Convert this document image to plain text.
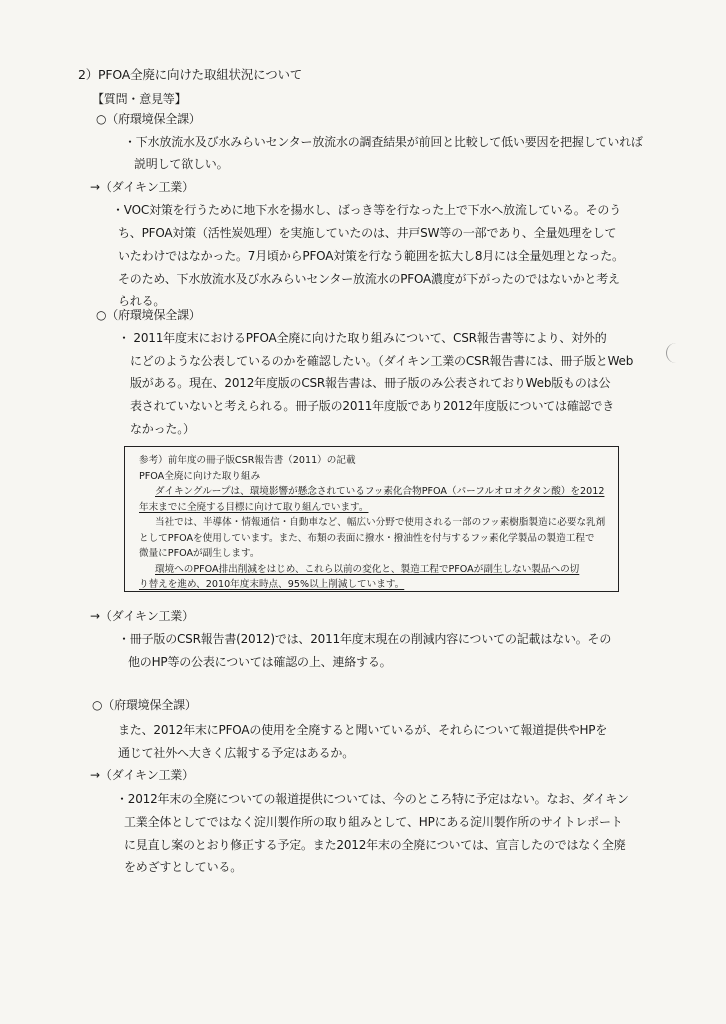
2）PFOA全廃に向けた取組状況について
【質問・意見等】
○（府環境保全課）
・下水放流水及び水みらいセンター放流水の調査結果が前回と比較して低い要因を把握していれば
説明して欲しい。
→（ダイキン工業）
・VOC対策を行うために地下水を揚水し、ばっき等を行なった上で下水へ放流している。そのう
ち、PFOA対策（活性炭処理）を実施していたのは、井戸SW等の一部であり、全量処理をして
いたわけではなかった。7月頃からPFOA対策を行なう範囲を拡大し8月には全量処理となった。
そのため、下水放流水及び水みらいセンター放流水のPFOA濃度が下がったのではないかと考え
られる。
○（府環境保全課）
・ 2011年度末におけるPFOA全廃に向けた取り組みについて、CSR報告書等により、対外的
にどのような公表しているのかを確認したい。（ダイキン工業のCSR報告書には、冊子版とWeb
版がある。現在、2012年度版のCSR報告書は、冊子版のみ公表されておりWeb版ものは公
表されていないと考えられる。冊子版の2011年度版であり2012年度版については確認でき
なかった。）
参考）前年度の冊子版CSR報告書（2011）の記載
PFOA全廃に向けた取り組み
ダイキングループは、環境影響が懸念されているフッ素化合物PFOA（パーフルオロオクタン酸）を2012
年末までに全廃する目標に向けて取り組んでいます。
当社では、半導体・情報通信・自動車など、幅広い分野で使用される一部のフッ素樹脂製造に必要な乳剤
としてPFOAを使用しています。また、布類の表面に撥水・撥油性を付与するフッ素化学製品の製造工程で
微量にPFOAが副生します。
環境へのPFOA排出削減をはじめ、これら以前の変化と、製造工程でPFOAが副生しない製品への切
り替えを進め、2010年度末時点、95%以上削減しています。
→（ダイキン工業）
・冊子版のCSR報告書(2012)では、2011年度末現在の削減内容についての記載はない。その
他のHP等の公表については確認の上、連絡する。
○（府環境保全課）
また、2012年末にPFOAの使用を全廃すると聞いているが、それらについて報道提供やHPを
通じて社外へ大きく広報する予定はあるか。
→（ダイキン工業）
・2012年末の全廃についての報道提供については、今のところ特に予定はない。なお、ダイキン
工業全体としてではなく淀川製作所の取り組みとして、HPにある淀川製作所のサイトレポート
に見直し案のとおり修正する予定。また2012年末の全廃については、宣言したのではなく全廃
をめざすとしている。
